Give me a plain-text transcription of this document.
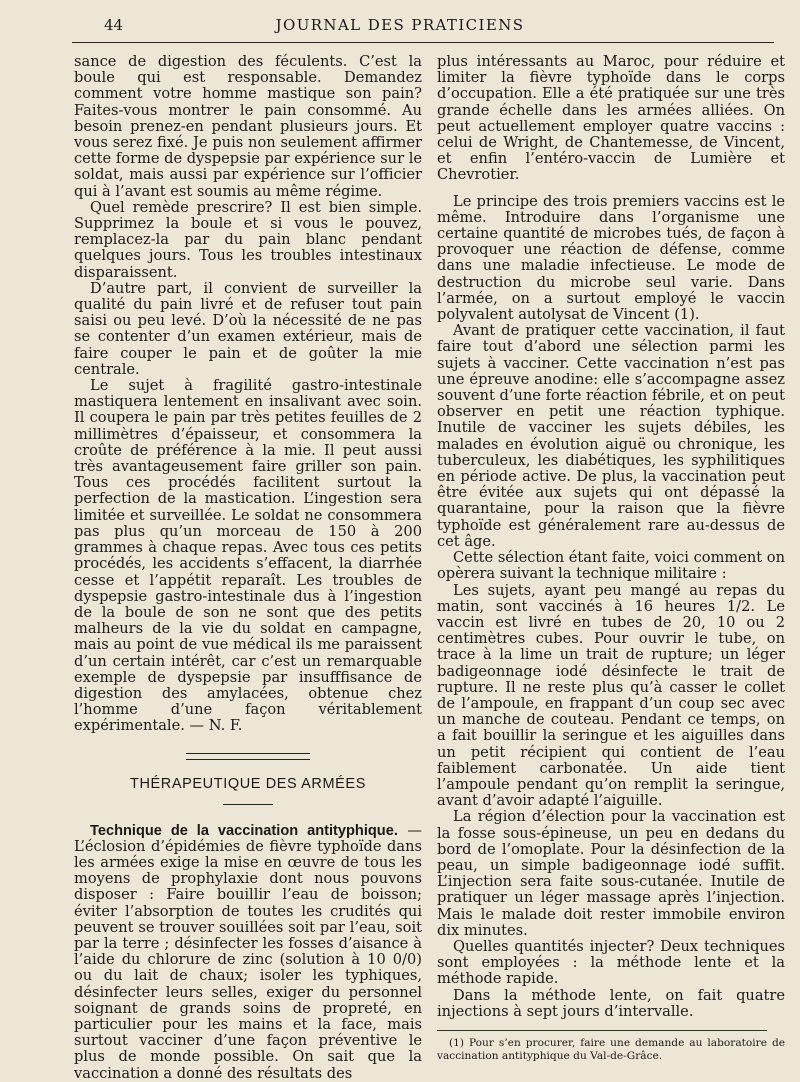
44	JOURNAL DES PRATICIENS

sance de digestion des féculents. C’est la boule qui est responsable. Demandez comment votre homme mastique son pain? Faites-vous montrer le pain consommé. Au besoin prenez-en pendant plusieurs jours. Et vous serez fixé. Je puis non seulement affirmer cette forme de dyspepsie par expérience sur le soldat, mais aussi par expérience sur l’officier qui à l’avant est soumis au même régime.

Quel remède prescrire? Il est bien simple. Supprimez la boule et si vous le pouvez, remplacez-la par du pain blanc pendant quelques jours. Tous les troubles intestinaux disparaissent.

D’autre part, il convient de surveiller la qualité du pain livré et de refuser tout pain saisi ou peu levé. D’où la nécessité de ne pas se contenter d’un examen extérieur, mais de faire couper le pain et de goûter la mie centrale.

Le sujet à fragilité gastro-intestinale mastiquera lentement en insalivant avec soin. Il coupera le pain par très petites feuilles de 2 millimètres d’épaisseur, et consommera la croûte de préférence à la mie. Il peut aussi très avantageusement faire griller son pain. Tous ces procédés facilitent surtout la perfection de la mastication. L’ingestion sera limitée et surveillée. Le soldat ne consommera pas plus qu’un morceau de 150 à 200 grammes à chaque repas. Avec tous ces petits procédés, les accidents s’effacent, la diarrhée cesse et l’appétit reparaît. Les troubles de dyspepsie gastro-intestinale dus à l’ingestion de la boule de son ne sont que des petits malheurs de la vie du soldat en campagne, mais au point de vue médical ils me paraissent d’un certain intérêt, car c’est un remarquable exemple de dyspepsie par insufffisance de digestion des amylacées, obtenue chez l’homme d’une façon véritablement expérimentale. — N. F.

THÉRAPEUTIQUE DES ARMÉES

Technique de la vaccination antityphique. — L’éclosion d’épidémies de fièvre typhoïde dans les armées exige la mise en œuvre de tous les moyens de prophylaxie dont nous pouvons disposer : Faire bouillir l’eau de boisson; éviter l’absorption de toutes les crudités qui peuvent se trouver souillées soit par l’eau, soit par la terre ; désinfecter les fosses d’aisance à l’aide du chlorure de zinc (solution à 10 0/0) ou du lait de chaux; isoler les typhiques, désinfecter leurs selles, exiger du personnel soignant de grands soins de propreté, en particulier pour les mains et la face, mais surtout vacciner d’une façon préventive le plus de monde possible. On sait que la vaccination a donné des résultats des

plus intéressants au Maroc, pour réduire et limiter la fièvre typhoïde dans le corps d’occupation. Elle a été pratiquée sur une très grande échelle dans les armées alliées. On peut actuellement employer quatre vaccins : celui de Wright, de Chantemesse, de Vincent, et enfin l’entéro-vaccin de Lumière et Chevrotier.

Le principe des trois premiers vaccins est le même. Introduire dans l’organisme une certaine quantité de microbes tués, de façon à provoquer une réaction de défense, comme dans une maladie infectieuse. Le mode de destruction du microbe seul varie. Dans l’armée, on a surtout employé le vaccin polyvalent autolysat de Vincent (1).

Avant de pratiquer cette vaccination, il faut faire tout d’abord une sélection parmi les sujets à vacciner. Cette vaccination n’est pas une épreuve anodine: elle s’accompagne assez souvent d’une forte réaction fébrile, et on peut observer en petit une réaction typhique. Inutile de vacciner les sujets débiles, les malades en évolution aiguë ou chronique, les tuberculeux, les diabétiques, les syphilitiques en période active. De plus, la vaccination peut être évitée aux sujets qui ont dépassé la quarantaine, pour la raison que la fièvre typhoïde est généralement rare au-dessus de cet âge.

Cette sélection étant faite, voici comment on opèrera suivant la technique militaire :

Les sujets, ayant peu mangé au repas du matin, sont vaccinés à 16 heures 1/2. Le vaccin est livré en tubes de 20, 10 ou 2 centimètres cubes. Pour ouvrir le tube, on trace à la lime un trait de rupture; un léger badigeonnage iodé désinfecte le trait de rupture. Il ne reste plus qu’à casser le collet de l’ampoule, en frappant d’un coup sec avec un manche de couteau. Pendant ce temps, on a fait bouillir la seringue et les aiguilles dans un petit récipient qui contient de l’eau faiblement carbonatée. Un aide tient l’ampoule pendant qu’on remplit la seringue, avant d’avoir adapté l’aiguille.

La région d’élection pour la vaccination est la fosse sous-épineuse, un peu en dedans du bord de l’omoplate. Pour la désinfection de la peau, un simple badigeonnage iodé suffit. L’injection sera faite sous-cutanée. Inutile de pratiquer un léger massage après l’injection. Mais le malade doit rester immobile environ dix minutes.

Quelles quantités injecter? Deux techniques sont employées : la méthode lente et la méthode rapide.

Dans la méthode lente, on fait quatre injections à sept jours d’intervalle.

(1) Pour s’en procurer, faire une demande au laboratoire de vaccination antityphique du Val-de-Grâce.
